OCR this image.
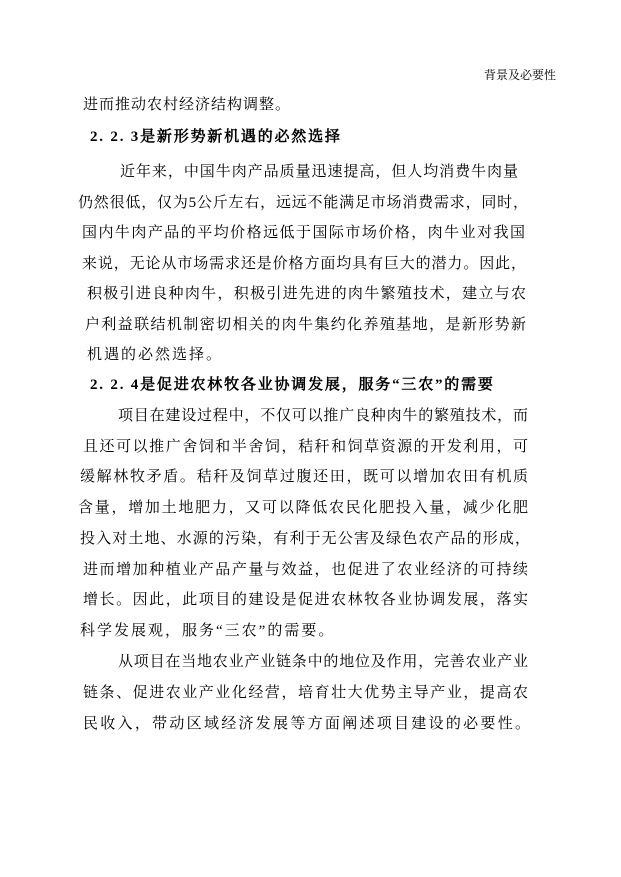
背景及必要性
进而推动农村经济结构调整。
2. 2. 3是新形势新机遇的必然选择
近年来，中国牛肉产品质量迅速提高，但人均消费牛肉量
仍然很低，仅为5公斤左右，远远不能满足市场消费需求，同时，
国内牛肉产品的平均价格远低于国际市场价格，肉牛业对我国
来说，无论从市场需求还是价格方面均具有巨大的潜力。因此，
积极引进良种肉牛，积极引进先进的肉牛繁殖技术，建立与农
户利益联结机制密切相关的肉牛集约化养殖基地，是新形势新
机遇的必然选择。
2. 2. 4是促进农林牧各业协调发展，服务“三农”的需要
项目在建设过程中，不仅可以推广良种肉牛的繁殖技术，而
且还可以推广舍饲和半舍饲，秸秆和饲草资源的开发利用，可
缓解林牧矛盾。秸秆及饲草过腹还田，既可以增加农田有机质
含量，增加土地肥力，又可以降低农民化肥投入量，减少化肥
投入对土地、水源的污染，有利于无公害及绿色农产品的形成，
进而增加种植业产品产量与效益，也促进了农业经济的可持续
增长。因此，此项目的建设是促进农林牧各业协调发展，落实
科学发展观，服务“三农”的需要。
从项目在当地农业产业链条中的地位及作用，完善农业产业
链条、促进农业产业化经营，培育壮大优势主导产业，提高农
民收入，带动区域经济发展等方面阐述项目建设的必要性。
